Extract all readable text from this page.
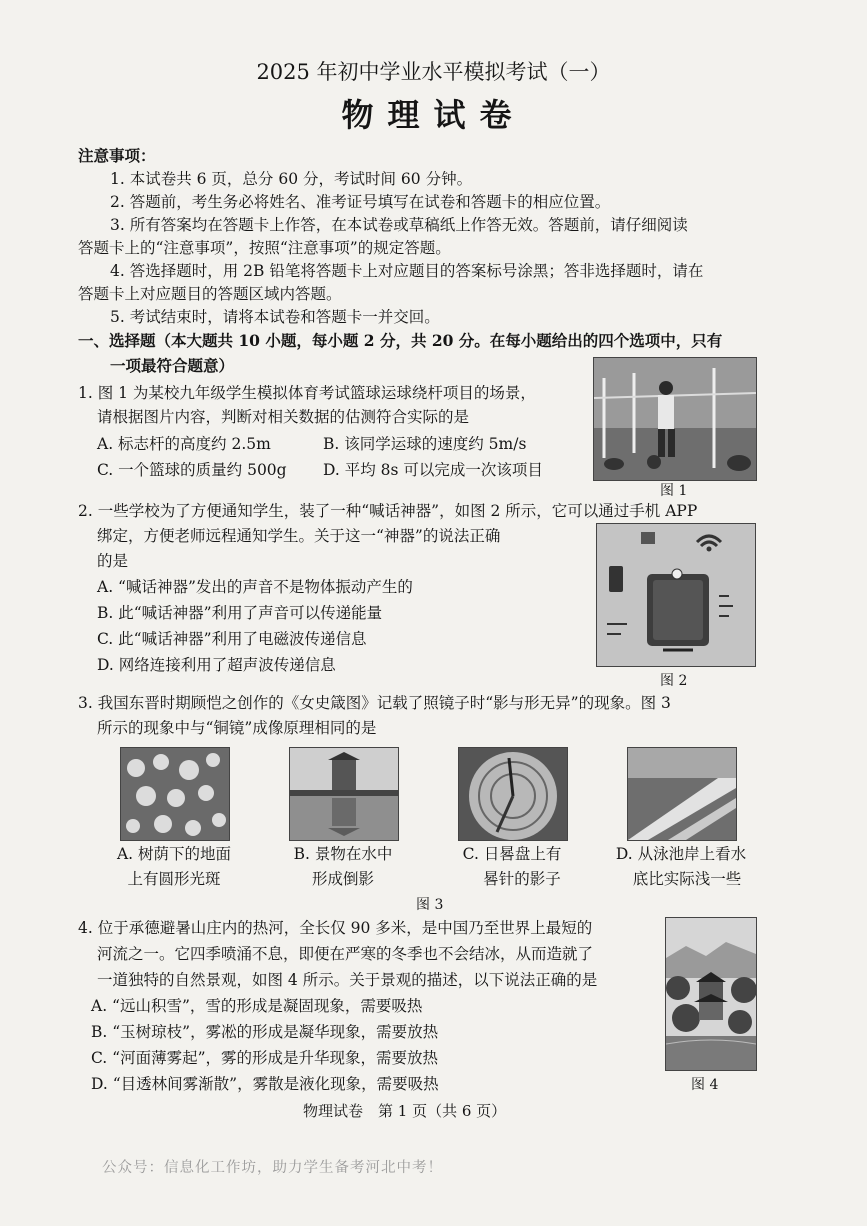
2025 年初中学业水平模拟考试（一）
物理试卷
注意事项：
1. 本试卷共 6 页，总分 60 分，考试时间 60 分钟。
2. 答题前，考生务必将姓名、准考证号填写在试卷和答题卡的相应位置。
3. 所有答案均在答题卡上作答，在本试卷或草稿纸上作答无效。答题前，请仔细阅读
答题卡上的“注意事项”，按照“注意事项”的规定答题。
4. 答选择题时，用 2B 铅笔将答题卡上对应题目的答案标号涂黑；答非选择题时，请在
答题卡上对应题目的答题区域内答题。
5. 考试结束时，请将本试卷和答题卡一并交回。
一、选择题（本大题共 10 小题，每小题 2 分，共 20 分。在每小题给出的四个选项中，只有
一项最符合题意）
1. 图 1 为某校九年级学生模拟体育考试篮球运球绕杆项目的场景，
请根据图片内容，判断对相关数据的估测符合实际的是
A. 标志杆的高度约 2.5m	B. 该同学运球的速度约 5m/s
C. 一个篮球的质量约 500g D. 平均 8s 可以完成一次该项目
图 1
2. 一些学校为了方便通知学生，装了一种“喊话神器”，如图 2 所示，它可以通过手机 APP
绑定，方便老师远程通知学生。关于这一“神器”的说法正确
的是
A. “喊话神器”发出的声音不是物体振动产生的
B. 此“喊话神器”利用了声音可以传递能量
C. 此“喊话神器”利用了电磁波传递信息
D. 网络连接利用了超声波传递信息
图 2
3. 我国东晋时期顾恺之创作的《女史箴图》记载了照镜子时“影与形无异”的现象。图 3
所示的现象中与“铜镜”成像原理相同的是
A. 树荫下的地面
上有圆形光斑
B. 景物在水中
形成倒影
C. 日晷盘上有
晷针的影子
D. 从泳池岸上看水
底比实际浅一些
图 3
4. 位于承德避暑山庄内的热河，全长仅 90 多米，是中国乃至世界上最短的
河流之一。它四季喷涌不息，即便在严寒的冬季也不会结冰，从而造就了
一道独特的自然景观，如图 4 所示。关于景观的描述，以下说法正确的是
A. “远山积雪”，雪的形成是凝固现象，需要吸热
B. “玉树琼枝”，雾凇的形成是凝华现象，需要放热
C. “河面薄雾起”，雾的形成是升华现象，需要放热
D. “目透林间雾渐散”，雾散是液化现象，需要吸热	图 4
物理试卷　第 1 页（共 6 页）
公众号：信息化工作坊，助力学生备考河北中考！
